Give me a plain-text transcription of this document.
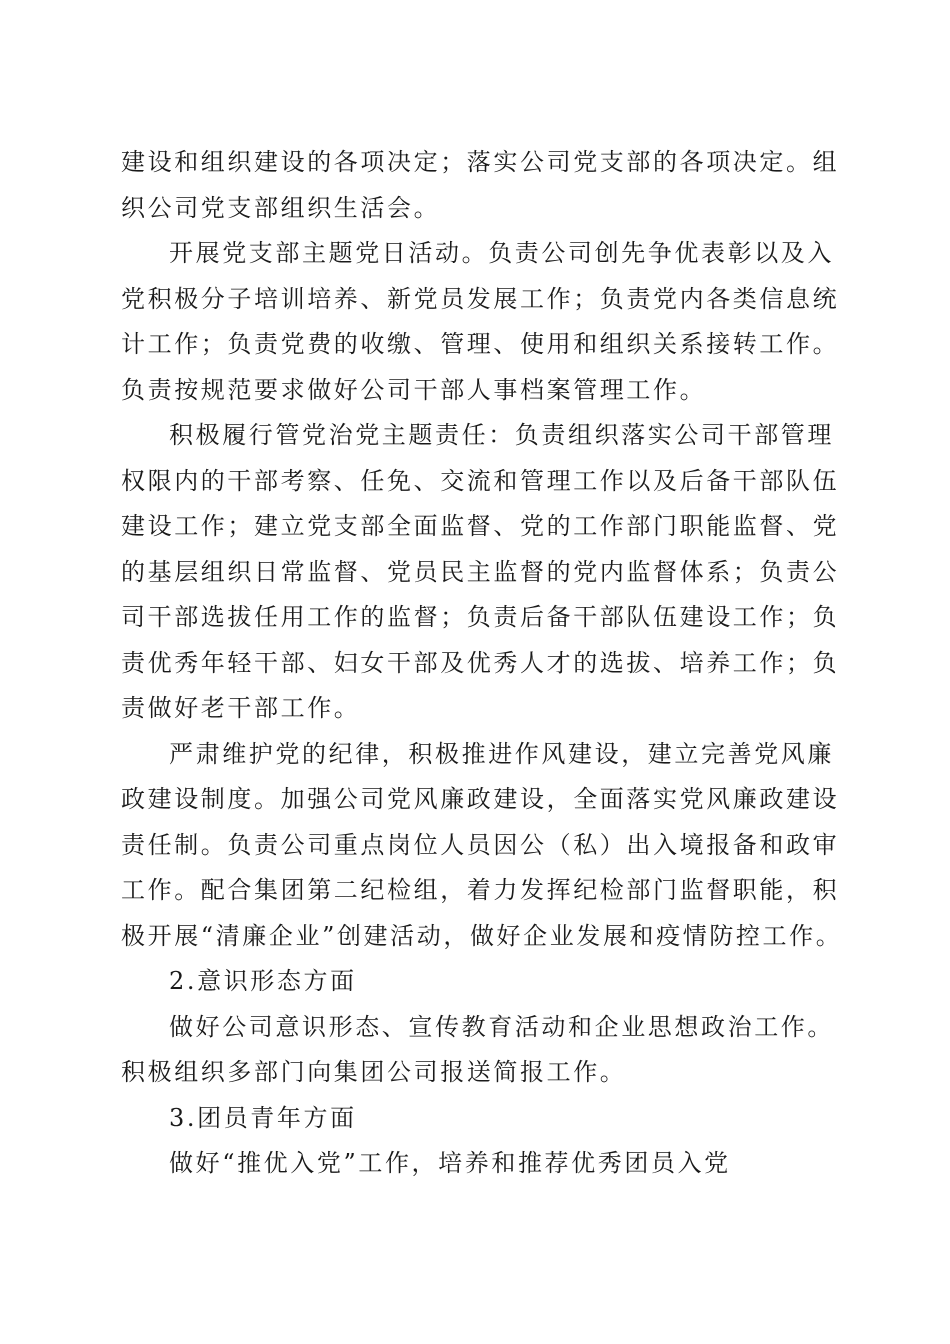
建设和组织建设的各项决定；落实公司党支部的各项决定。组
织公司党支部组织生活会。
开展党支部主题党日活动。负责公司创先争优表彰以及入
党积极分子培训培养、新党员发展工作；负责党内各类信息统
计工作；负责党费的收缴、管理、使用和组织关系接转工作。
负责按规范要求做好公司干部人事档案管理工作。
积极履行管党治党主题责任：负责组织落实公司干部管理
权限内的干部考察、任免、交流和管理工作以及后备干部队伍
建设工作；建立党支部全面监督、党的工作部门职能监督、党
的基层组织日常监督、党员民主监督的党内监督体系；负责公
司干部选拔任用工作的监督；负责后备干部队伍建设工作；负
责优秀年轻干部、妇女干部及优秀人才的选拔、培养工作；负
责做好老干部工作。
严肃维护党的纪律，积极推进作风建设，建立完善党风廉
政建设制度。加强公司党风廉政建设，全面落实党风廉政建设
责任制。负责公司重点岗位人员因公（私）出入境报备和政审
工作。配合集团第二纪检组，着力发挥纪检部门监督职能，积
极开展“清廉企业”创建活动，做好企业发展和疫情防控工作。
2.意识形态方面
做好公司意识形态、宣传教育活动和企业思想政治工作。
积极组织多部门向集团公司报送简报工作。
3.团员青年方面
做好“推优入党”工作，培养和推荐优秀团员入党
